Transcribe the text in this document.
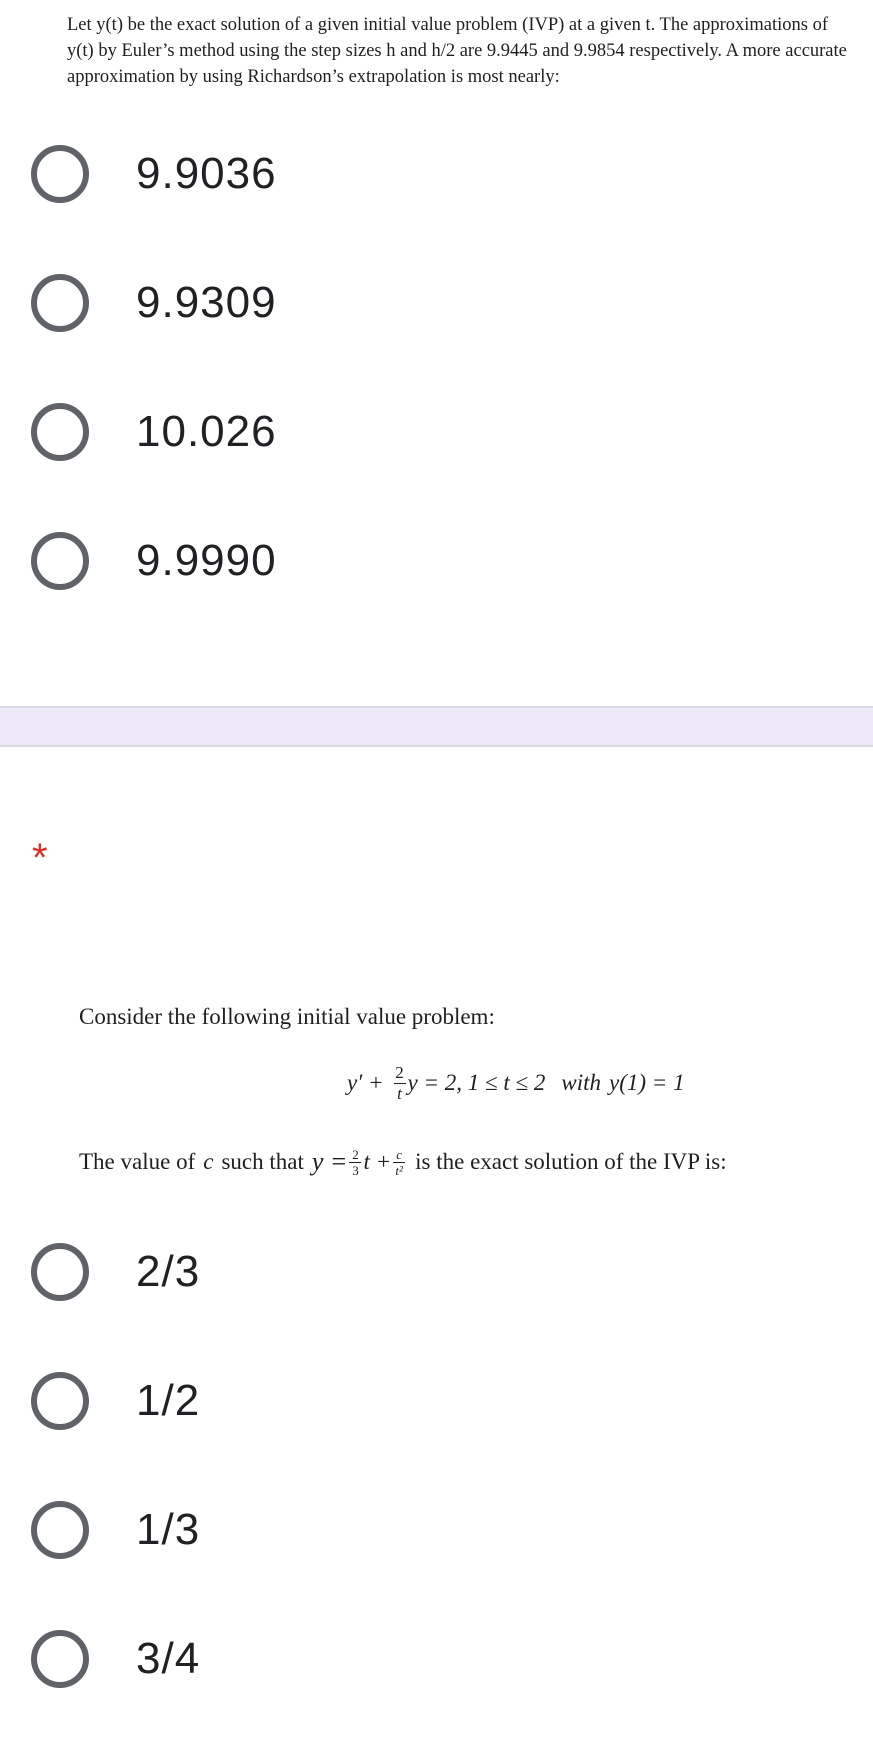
Let y(t) be the exact solution of a given initial value problem (IVP) at a given t. The approximations of
y(t) by Euler’s method using the step sizes h and h/2 are 9.9445 and 9.9854 respectively. A more accurate
approximation by using Richardson’s extrapolation is most nearly:
9.9036
9.9309
10.026
9.9990
*
Consider the following initial value problem:
$y' + \frac{2}{t}$ y = 2, 1 ≤ t ≤ 2 with y(1) = 1
The value of c such that $y = \frac{2}{3}$ $t + \frac{c}{\text{t²}}$ is the exact solution of the IVP is:
2/3
1/2
1/3
3/4
